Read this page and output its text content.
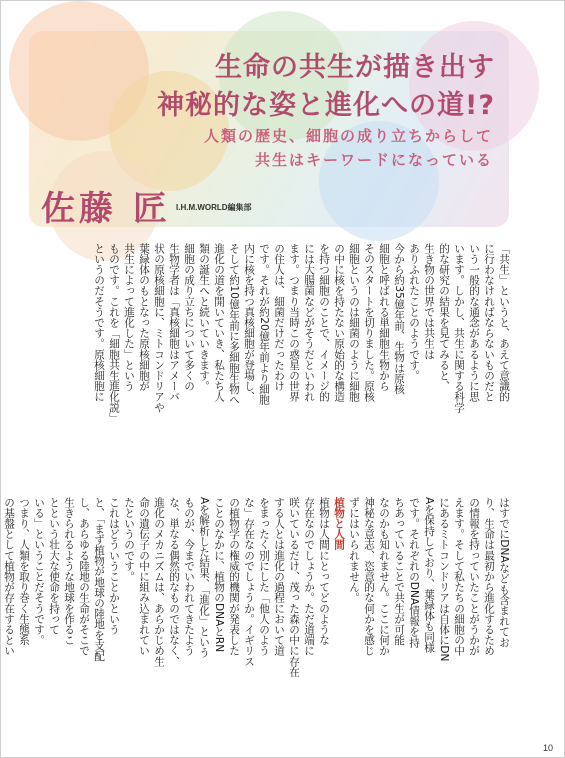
生命の共生が描き出す
神秘的な姿と進化への道!?
人類の歴史、細胞の成り立ちからして
共生はキーワードになっている
佐藤 匠 I.H.M.WORLD編集部
「共生」というと、あえて意識的
に行わなければならないものだと
いう一般的な通念があるように思
います。しかし、共生に関する科学
的な研究の結果を見てみると、
生き物の世界では共生は
ありふれたことのようです。
今から約35億年前、生物は原核
細胞と呼ばれる単細胞生物から
そのスタートを切りました。原核
細胞というのは細菌のように細胞
の中に核を持たない原始的な構造
を持つ細胞のことで、イメージ的
には大腸菌などがそうだといわれ
ます。つまり当時この惑星の世界
の住人は、細菌だけだったわけ
です。それが約20億年前より細胞
内に核を持つ真核細胞が登場し、
そして約10億年前に多細胞生物へ
進化の道を開いていき、私たち人
類の誕生へと続いていきます。
細胞の成り立ちについて多くの
生物学者は「真核細胞はアメーバ
状の原核細胞に、ミトコンドリアや
葉緑体のもとなった原核細胞が
共生によって進化した」という
ものです。これを「細胞共生進化説」
というのだそうです。原核細胞に
はすでにDNAなども含まれてお
り、生命は最初から進化するため
の情報を持っていたことがうかが
えます。そして私たちの細胞の中
にあるミトコンドリアは自体にDN
Aを保持しており、葉緑体も同様
です。それぞれのDNA情報を持
ちあっていることで共生が可能
なのかも知れません。ここに何か
神秘な意志、恣意的な何かを感じ
ずにはいられません。
植物と人間
植物は人間にとってどのような
存在なのでしょうか。ただ道端に
咲いているだけ、茂った森の中に存在
する人とは進化の過程において道
をまったく別にした「他人のよう
な」存在なのでしょうか。イギリス
の植物学の権威的機関が発表した
ことのなかに、植物のDNAとRN
Aを解析した結果、「進化」という
ものが、今までいわれてきたよう
な、単なる偶然的なものではなく、
進化のメカニズムは、あらかじめ生
命の遺伝子の中に組み込まれてい
たというのです。
これはどういうことかという
と、「まず植物が地球の陸地を支配
し、あらゆる陸地の生命がそこで
生きられるような地球を作るこ
とという壮大な使命を持って
いる」ということだそうです。
つまり、人類を取り巻く生態系
の基盤として植物が存在するとい
10
